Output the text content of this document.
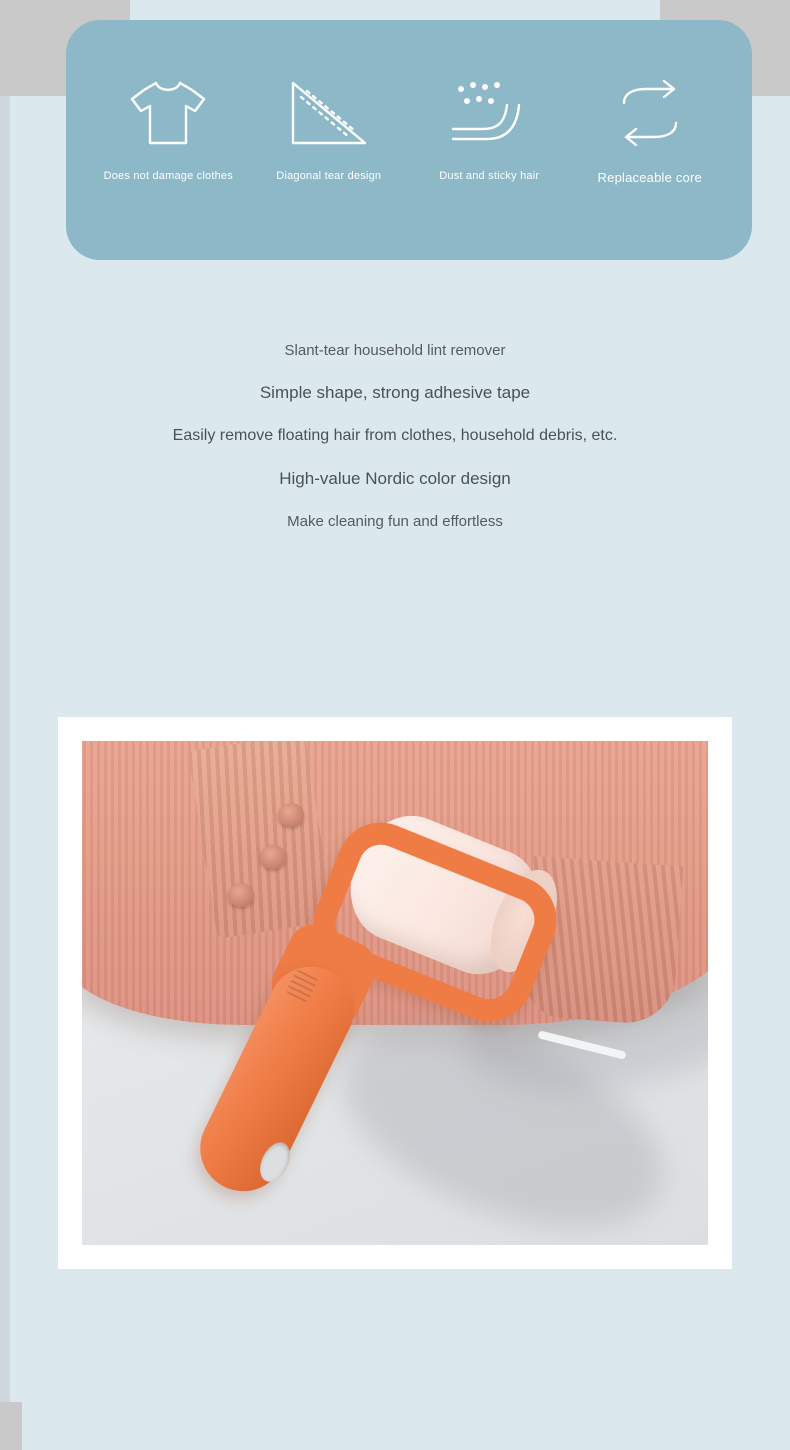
Does not damage clothes	Diagonal tear design	Dust and sticky hair	Replaceable core

Slant-tear household lint remover

Simple shape, strong adhesive tape

Easily remove floating hair from clothes, household debris, etc.

High-value Nordic color design

Make cleaning fun and effortless
